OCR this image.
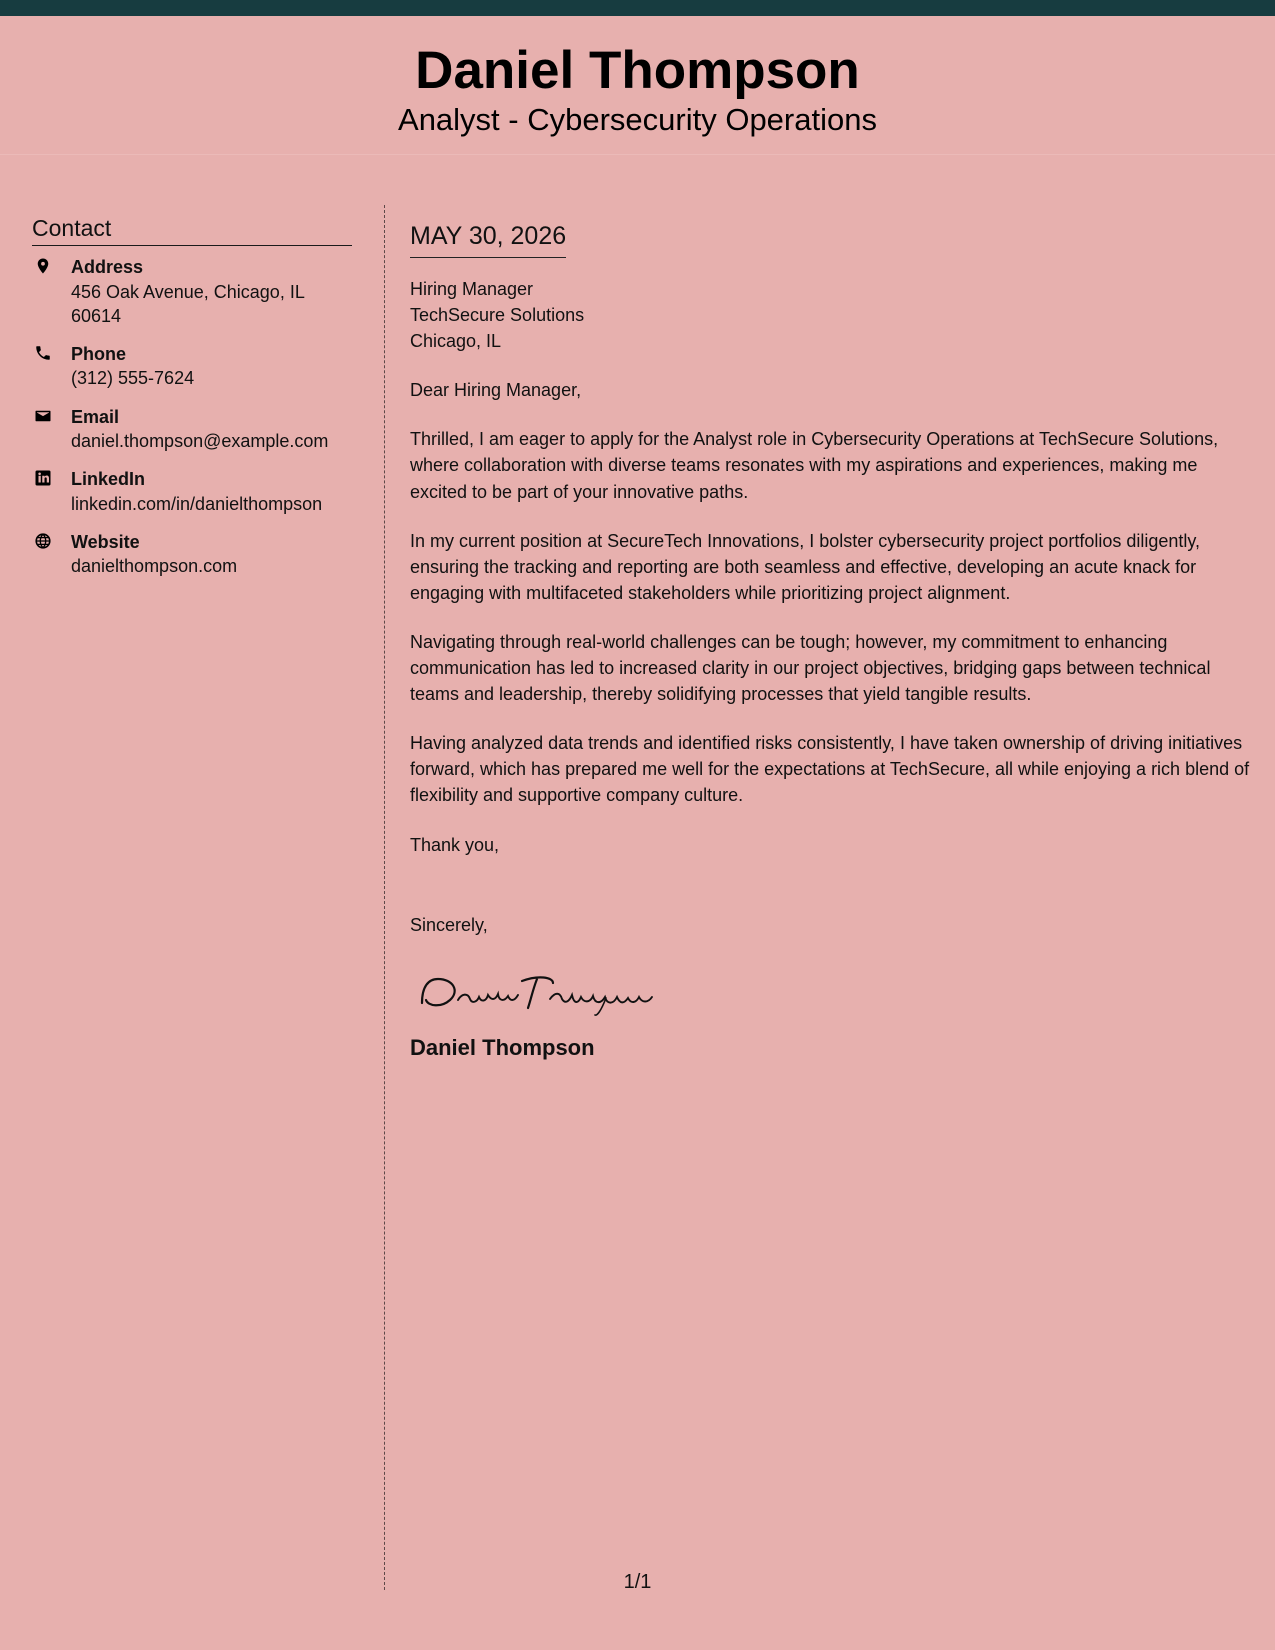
Daniel Thompson
Analyst - Cybersecurity Operations
Contact
Address
456 Oak Avenue, Chicago, IL 60614
Phone
(312) 555-7624
Email
daniel.thompson@example.com
LinkedIn
linkedin.com/in/danielthompson
Website
danielthompson.com
MAY 30, 2026
Hiring Manager
TechSecure Solutions
Chicago, IL
Dear Hiring Manager,

Thrilled, I am eager to apply for the Analyst role in Cybersecurity Operations at TechSecure Solutions, where collaboration with diverse teams resonates with my aspirations and experiences, making me excited to be part of your innovative paths.

In my current position at SecureTech Innovations, I bolster cybersecurity project portfolios diligently, ensuring the tracking and reporting are both seamless and effective, developing an acute knack for engaging with multifaceted stakeholders while prioritizing project alignment.

Navigating through real-world challenges can be tough; however, my commitment to enhancing communication has led to increased clarity in our project objectives, bridging gaps between technical teams and leadership, thereby solidifying processes that yield tangible results.

Having analyzed data trends and identified risks consistently, I have taken ownership of driving initiatives forward, which has prepared me well for the expectations at TechSecure, all while enjoying a rich blend of flexibility and supportive company culture.

Thank you,
Sincerely,
Daniel Thompson
1/1
